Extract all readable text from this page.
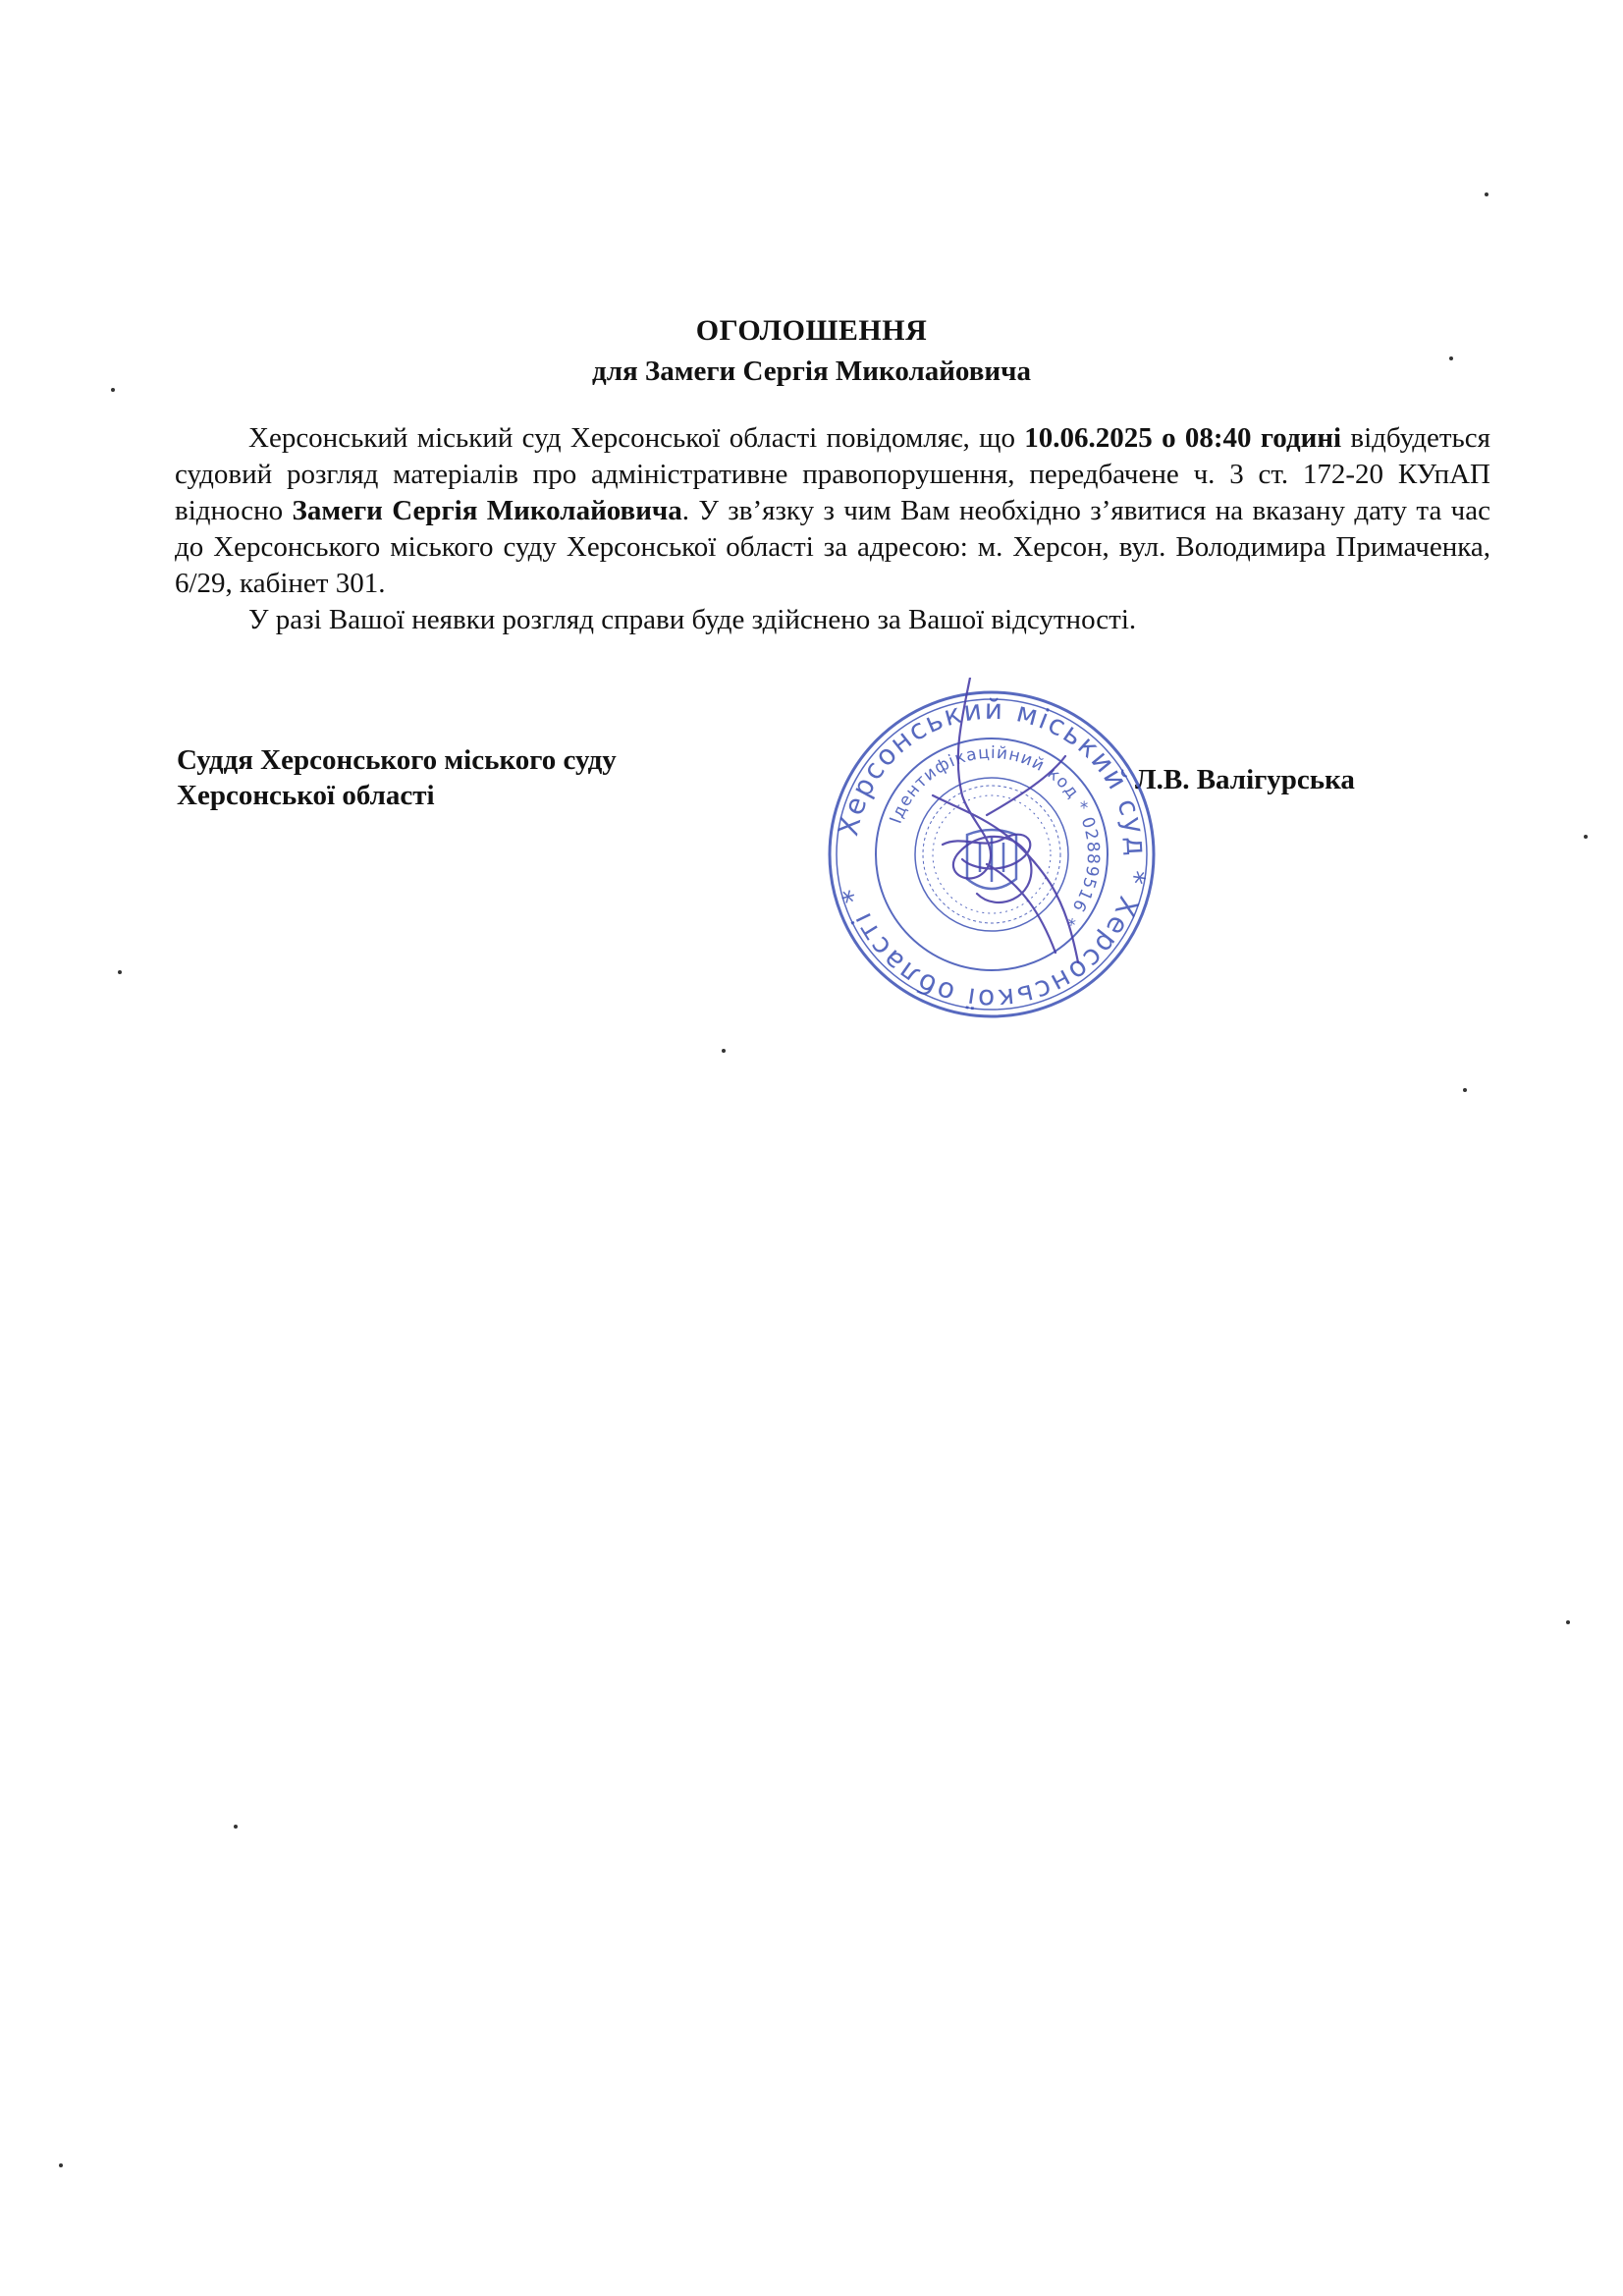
ОГОЛОШЕННЯ
для Замеги Сергія Миколайовича

Херсонський міський суд Херсонської області повідомляє, що 10.06.2025 о 08:40 годині відбудеться судовий розгляд матеріалів про адміністративне правопорушення, передбачене ч. 3 ст. 172-20 КУпАП відносно Замеги Сергія Миколайовича. У зв’язку з чим Вам необхідно з’явитися на вказану дату та час до Херсонського міського суду Херсонської області за адресою: м. Херсон, вул. Володимира Примаченка, 6/29, кабінет 301.

У разі Вашої неявки розгляд справи буде здійснено за Вашої відсутності.

Суддя Херсонського міського суду
Херсонської області	Л.В. Валігурська
Херсонський міський суд * Херсонської області *
Ідентифікаційний код * 02889516 *
